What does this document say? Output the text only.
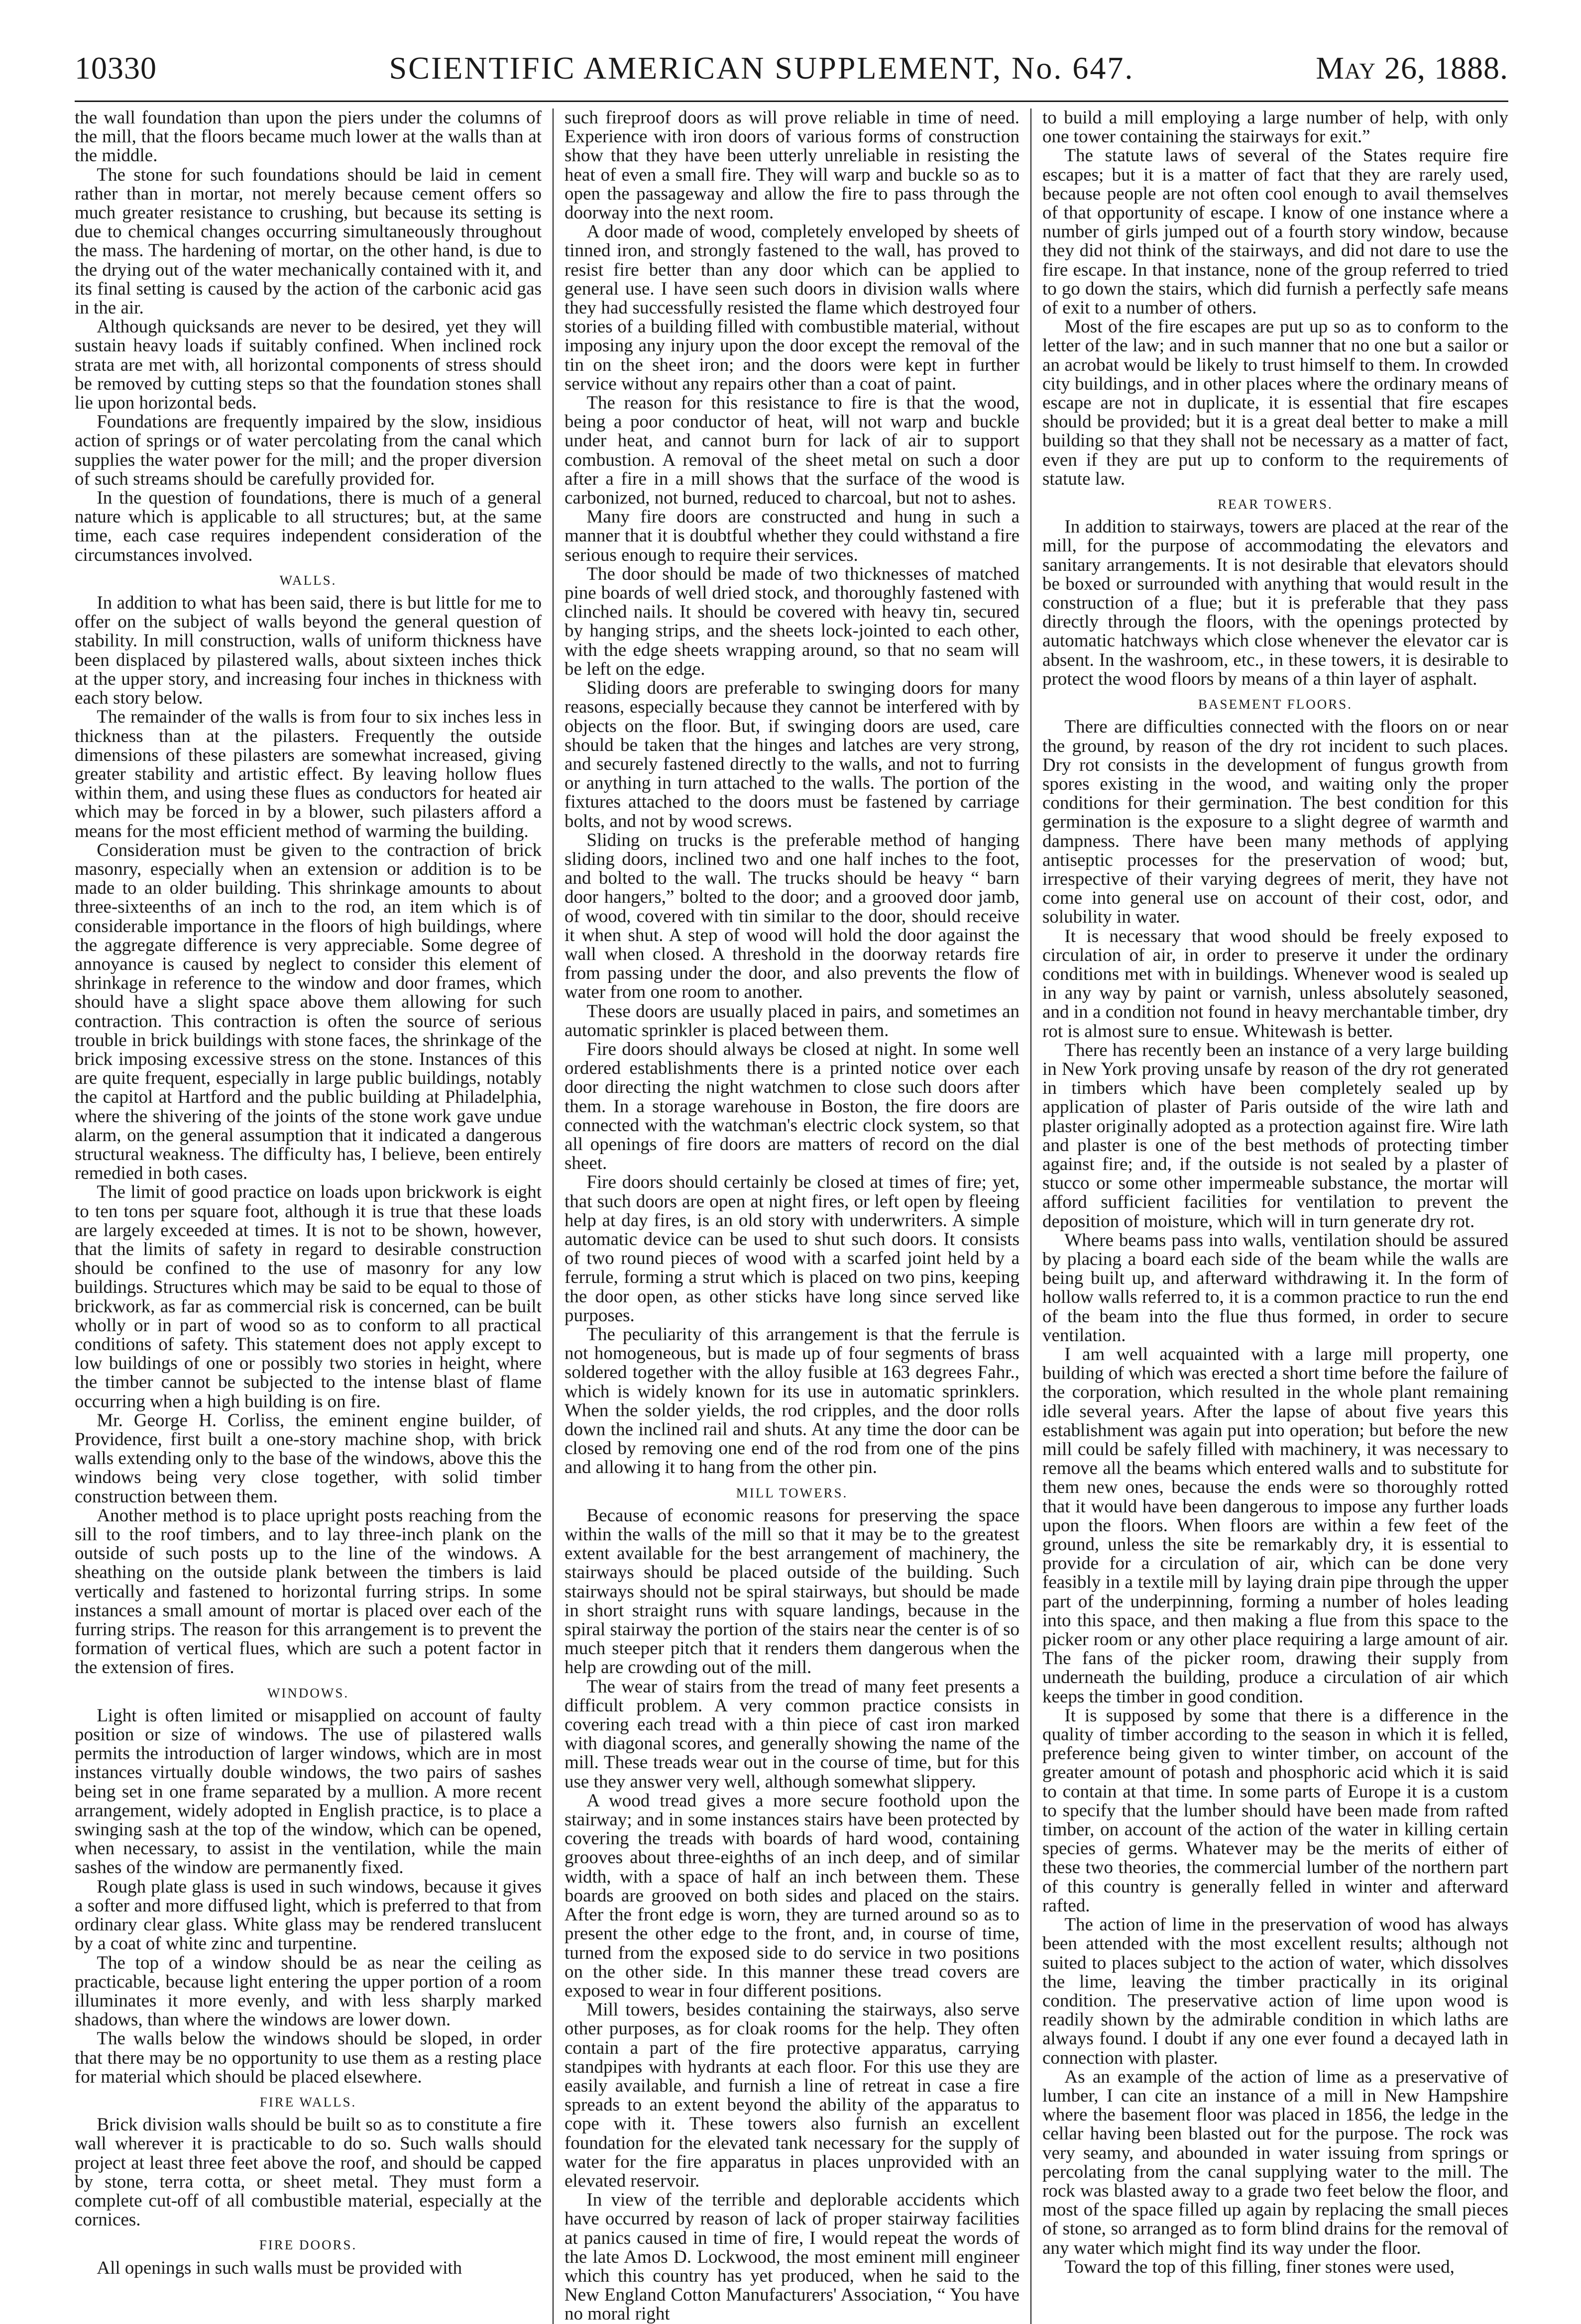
10330	SCIENTIFIC AMERICAN SUPPLEMENT, No. 647.	May 26, 1888.

the wall foundation than upon the piers under the columns of the mill, that the floors became much lower at the walls than at the middle.

The stone for such foundations should be laid in cement rather than in mortar, not merely because cement offers so much greater resistance to crushing, but because its setting is due to chemical changes occurring simultaneously throughout the mass. The hardening of mortar, on the other hand, is due to the drying out of the water mechanically contained with it, and its final setting is caused by the action of the carbonic acid gas in the air.

Although quicksands are never to be desired, yet they will sustain heavy loads if suitably confined. When inclined rock strata are met with, all horizontal components of stress should be removed by cutting steps so that the foundation stones shall lie upon horizontal beds.

Foundations are frequently impaired by the slow, insidious action of springs or of water percolating from the canal which supplies the water power for the mill; and the proper diversion of such streams should be carefully provided for.

In the question of foundations, there is much of a general nature which is applicable to all structures; but, at the same time, each case requires independent consideration of the circumstances involved.

WALLS.

In addition to what has been said, there is but little for me to offer on the subject of walls beyond the general question of stability. In mill construction, walls of uniform thickness have been displaced by pilastered walls, about sixteen inches thick at the upper story, and increasing four inches in thickness with each story below.

The remainder of the walls is from four to six inches less in thickness than at the pilasters. Frequently the outside dimensions of these pilasters are somewhat increased, giving greater stability and artistic effect. By leaving hollow flues within them, and using these flues as conductors for heated air which may be forced in by a blower, such pilasters afford a means for the most efficient method of warming the building.

Consideration must be given to the contraction of brick masonry, especially when an extension or addition is to be made to an older building. This shrinkage amounts to about three-sixteenths of an inch to the rod, an item which is of considerable importance in the floors of high buildings, where the aggregate difference is very appreciable. Some degree of annoyance is caused by neglect to consider this element of shrinkage in reference to the window and door frames, which should have a slight space above them allowing for such contraction. This contraction is often the source of serious trouble in brick buildings with stone faces, the shrinkage of the brick imposing excessive stress on the stone. Instances of this are quite frequent, especially in large public buildings, notably the capitol at Hartford and the public building at Philadelphia, where the shivering of the joints of the stone work gave undue alarm, on the general assumption that it indicated a dangerous structural weakness. The difficulty has, I believe, been entirely remedied in both cases.

The limit of good practice on loads upon brickwork is eight to ten tons per square foot, although it is true that these loads are largely exceeded at times. It is not to be shown, however, that the limits of safety in regard to desirable construction should be confined to the use of masonry for any low buildings. Structures which may be said to be equal to those of brickwork, as far as commercial risk is concerned, can be built wholly or in part of wood so as to conform to all practical conditions of safety. This statement does not apply except to low buildings of one or possibly two stories in height, where the timber cannot be subjected to the intense blast of flame occurring when a high building is on fire.

Mr. George H. Corliss, the eminent engine builder, of Providence, first built a one-story machine shop, with brick walls extending only to the base of the windows, above this the windows being very close together, with solid timber construction between them.

Another method is to place upright posts reaching from the sill to the roof timbers, and to lay three-inch plank on the outside of such posts up to the line of the windows. A sheathing on the outside plank between the timbers is laid vertically and fastened to horizontal furring strips. In some instances a small amount of mortar is placed over each of the furring strips. The reason for this arrangement is to prevent the formation of vertical flues, which are such a potent factor in the extension of fires.

WINDOWS.

Light is often limited or misapplied on account of faulty position or size of windows. The use of pilastered walls permits the introduction of larger windows, which are in most instances virtually double windows, the two pairs of sashes being set in one frame separated by a mullion. A more recent arrangement, widely adopted in English practice, is to place a swinging sash at the top of the window, which can be opened, when necessary, to assist in the ventilation, while the main sashes of the window are permanently fixed.

Rough plate glass is used in such windows, because it gives a softer and more diffused light, which is preferred to that from ordinary clear glass. White glass may be rendered translucent by a coat of white zinc and turpentine.

The top of a window should be as near the ceiling as practicable, because light entering the upper portion of a room illuminates it more evenly, and with less sharply marked shadows, than where the windows are lower down.

The walls below the windows should be sloped, in order that there may be no opportunity to use them as a resting place for material which should be placed elsewhere.

FIRE WALLS.

Brick division walls should be built so as to constitute a fire wall wherever it is practicable to do so. Such walls should project at least three feet above the roof, and should be capped by stone, terra cotta, or sheet metal. They must form a complete cut-off of all combustible material, especially at the cornices.

FIRE DOORS.

All openings in such walls must be provided with

such fireproof doors as will prove reliable in time of need. Experience with iron doors of various forms of construction show that they have been utterly unreliable in resisting the heat of even a small fire. They will warp and buckle so as to open the passageway and allow the fire to pass through the doorway into the next room.

A door made of wood, completely enveloped by sheets of tinned iron, and strongly fastened to the wall, has proved to resist fire better than any door which can be applied to general use. I have seen such doors in division walls where they had successfully resisted the flame which destroyed four stories of a building filled with combustible material, without imposing any injury upon the door except the removal of the tin on the sheet iron; and the doors were kept in further service without any repairs other than a coat of paint.

The reason for this resistance to fire is that the wood, being a poor conductor of heat, will not warp and buckle under heat, and cannot burn for lack of air to support combustion. A removal of the sheet metal on such a door after a fire in a mill shows that the surface of the wood is carbonized, not burned, reduced to charcoal, but not to ashes.

Many fire doors are constructed and hung in such a manner that it is doubtful whether they could withstand a fire serious enough to require their services.

The door should be made of two thicknesses of matched pine boards of well dried stock, and thoroughly fastened with clinched nails. It should be covered with heavy tin, secured by hanging strips, and the sheets lock-jointed to each other, with the edge sheets wrapping around, so that no seam will be left on the edge.

Sliding doors are preferable to swinging doors for many reasons, especially because they cannot be interfered with by objects on the floor. But, if swinging doors are used, care should be taken that the hinges and latches are very strong, and securely fastened directly to the walls, and not to furring or anything in turn attached to the walls. The portion of the fixtures attached to the doors must be fastened by carriage bolts, and not by wood screws.

Sliding on trucks is the preferable method of hanging sliding doors, inclined two and one half inches to the foot, and bolted to the wall. The trucks should be heavy “ barn door hangers,” bolted to the door; and a grooved door jamb, of wood, covered with tin similar to the door, should receive it when shut. A step of wood will hold the door against the wall when closed. A threshold in the doorway retards fire from passing under the door, and also prevents the flow of water from one room to another.

These doors are usually placed in pairs, and sometimes an automatic sprinkler is placed between them.

Fire doors should always be closed at night. In some well ordered establishments there is a printed notice over each door directing the night watchmen to close such doors after them. In a storage warehouse in Boston, the fire doors are connected with the watchman's electric clock system, so that all openings of fire doors are matters of record on the dial sheet.

Fire doors should certainly be closed at times of fire; yet, that such doors are open at night fires, or left open by fleeing help at day fires, is an old story with underwriters. A simple automatic device can be used to shut such doors. It consists of two round pieces of wood with a scarfed joint held by a ferrule, forming a strut which is placed on two pins, keeping the door open, as other sticks have long since served like purposes.

The peculiarity of this arrangement is that the ferrule is not homogeneous, but is made up of four segments of brass soldered together with the alloy fusible at 163 degrees Fahr., which is widely known for its use in automatic sprinklers. When the solder yields, the rod cripples, and the door rolls down the inclined rail and shuts. At any time the door can be closed by removing one end of the rod from one of the pins and allowing it to hang from the other pin.

MILL TOWERS.

Because of economic reasons for preserving the space within the walls of the mill so that it may be to the greatest extent available for the best arrangement of machinery, the stairways should be placed outside of the building. Such stairways should not be spiral stairways, but should be made in short straight runs with square landings, because in the spiral stairway the portion of the stairs near the center is of so much steeper pitch that it renders them dangerous when the help are crowding out of the mill.

The wear of stairs from the tread of many feet presents a difficult problem. A very common practice consists in covering each tread with a thin piece of cast iron marked with diagonal scores, and generally showing the name of the mill. These treads wear out in the course of time, but for this use they answer very well, although somewhat slippery.

A wood tread gives a more secure foothold upon the stairway; and in some instances stairs have been protected by covering the treads with boards of hard wood, containing grooves about three-eighths of an inch deep, and of similar width, with a space of half an inch between them. These boards are grooved on both sides and placed on the stairs. After the front edge is worn, they are turned around so as to present the other edge to the front, and, in course of time, turned from the exposed side to do service in two positions on the other side. In this manner these tread covers are exposed to wear in four different positions.

Mill towers, besides containing the stairways, also serve other purposes, as for cloak rooms for the help. They often contain a part of the fire protective apparatus, carrying standpipes with hydrants at each floor. For this use they are easily available, and furnish a line of retreat in case a fire spreads to an extent beyond the ability of the apparatus to cope with it. These towers also furnish an excellent foundation for the elevated tank necessary for the supply of water for the fire apparatus in places unprovided with an elevated reservoir.

In view of the terrible and deplorable accidents which have occurred by reason of lack of proper stairway facilities at panics caused in time of fire, I would repeat the words of the late Amos D. Lockwood, the most eminent mill engineer which this country has yet produced, when he said to the New England Cotton Manufacturers' Association, “ You have no moral right

to build a mill employing a large number of help, with only one tower containing the stairways for exit.”

The statute laws of several of the States require fire escapes; but it is a matter of fact that they are rarely used, because people are not often cool enough to avail themselves of that opportunity of escape. I know of one instance where a number of girls jumped out of a fourth story window, because they did not think of the stairways, and did not dare to use the fire escape. In that instance, none of the group referred to tried to go down the stairs, which did furnish a perfectly safe means of exit to a number of others.

Most of the fire escapes are put up so as to conform to the letter of the law; and in such manner that no one but a sailor or an acrobat would be likely to trust himself to them. In crowded city buildings, and in other places where the ordinary means of escape are not in duplicate, it is essential that fire escapes should be provided; but it is a great deal better to make a mill building so that they shall not be necessary as a matter of fact, even if they are put up to conform to the requirements of statute law.

REAR TOWERS.

In addition to stairways, towers are placed at the rear of the mill, for the purpose of accommodating the elevators and sanitary arrangements. It is not desirable that elevators should be boxed or surrounded with anything that would result in the construction of a flue; but it is preferable that they pass directly through the floors, with the openings protected by automatic hatchways which close whenever the elevator car is absent. In the washroom, etc., in these towers, it is desirable to protect the wood floors by means of a thin layer of asphalt.

BASEMENT FLOORS.

There are difficulties connected with the floors on or near the ground, by reason of the dry rot incident to such places. Dry rot consists in the development of fungus growth from spores existing in the wood, and waiting only the proper conditions for their germination. The best condition for this germination is the exposure to a slight degree of warmth and dampness. There have been many methods of applying antiseptic processes for the preservation of wood; but, irrespective of their varying degrees of merit, they have not come into general use on account of their cost, odor, and solubility in water.

It is necessary that wood should be freely exposed to circulation of air, in order to preserve it under the ordinary conditions met with in buildings. Whenever wood is sealed up in any way by paint or varnish, unless absolutely seasoned, and in a condition not found in heavy merchantable timber, dry rot is almost sure to ensue. Whitewash is better.

There has recently been an instance of a very large building in New York proving unsafe by reason of the dry rot generated in timbers which have been completely sealed up by application of plaster of Paris outside of the wire lath and plaster originally adopted as a protection against fire. Wire lath and plaster is one of the best methods of protecting timber against fire; and, if the outside is not sealed by a plaster of stucco or some other impermeable substance, the mortar will afford sufficient facilities for ventilation to prevent the deposition of moisture, which will in turn generate dry rot.

Where beams pass into walls, ventilation should be assured by placing a board each side of the beam while the walls are being built up, and afterward withdrawing it. In the form of hollow walls referred to, it is a common practice to run the end of the beam into the flue thus formed, in order to secure ventilation.

I am well acquainted with a large mill property, one building of which was erected a short time before the failure of the corporation, which resulted in the whole plant remaining idle several years. After the lapse of about five years this establishment was again put into operation; but before the new mill could be safely filled with machinery, it was necessary to remove all the beams which entered walls and to substitute for them new ones, because the ends were so thoroughly rotted that it would have been dangerous to impose any further loads upon the floors. When floors are within a few feet of the ground, unless the site be remarkably dry, it is essential to provide for a circulation of air, which can be done very feasibly in a textile mill by laying drain pipe through the upper part of the underpinning, forming a number of holes leading into this space, and then making a flue from this space to the picker room or any other place requiring a large amount of air. The fans of the picker room, drawing their supply from underneath the building, produce a circulation of air which keeps the timber in good condition.

It is supposed by some that there is a difference in the quality of timber according to the season in which it is felled, preference being given to winter timber, on account of the greater amount of potash and phosphoric acid which it is said to contain at that time. In some parts of Europe it is a custom to specify that the lumber should have been made from rafted timber, on account of the action of the water in killing certain species of germs. Whatever may be the merits of either of these two theories, the commercial lumber of the northern part of this country is generally felled in winter and afterward rafted.

The action of lime in the preservation of wood has always been attended with the most excellent results; although not suited to places subject to the action of water, which dissolves the lime, leaving the timber practically in its original condition. The preservative action of lime upon wood is readily shown by the admirable condition in which laths are always found. I doubt if any one ever found a decayed lath in connection with plaster.

As an example of the action of lime as a preservative of lumber, I can cite an instance of a mill in New Hampshire where the basement floor was placed in 1856, the ledge in the cellar having been blasted out for the purpose. The rock was very seamy, and abounded in water issuing from springs or percolating from the canal supplying water to the mill. The rock was blasted away to a grade two feet below the floor, and most of the space filled up again by replacing the small pieces of stone, so arranged as to form blind drains for the removal of any water which might find its way under the floor.

Toward the top of this filling, finer stones were used,
